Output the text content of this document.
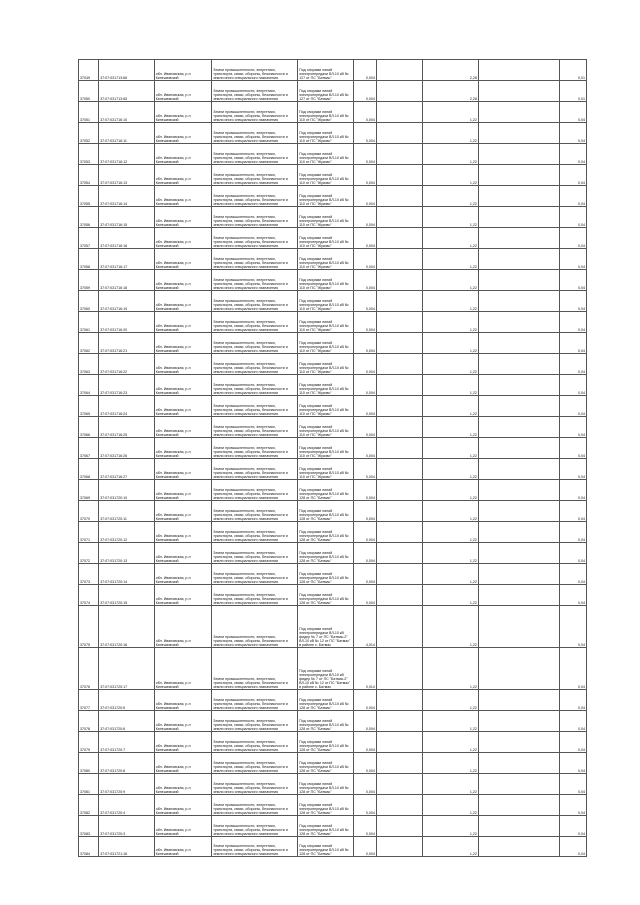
37049	37:07:031713:66	обл. Ивановская, р-н Кинешемский	Земли промышленности, энергетики, транспорта, связи, обороны, безопасности и земли иного специального назначения	Под опорами линий электропередачи ВЛ-10 кВ № 127 от ПС "Батмас"	0,004		2,28		0,01
37050	37:07:031713:65	обл. Ивановская, р-н Кинешемский	Земли промышленности, энергетики, транспорта, связи, обороны, безопасности и земли иного специального назначения	Под опорами линий электропередачи ВЛ-10 кВ № 127 от ПС "Батмас"	0,004		2,28		0,01
37051	37:07:031716:10	обл. Ивановская, р-н Кинешемский	Земли промышленности, энергетики, транспорта, связи, обороны, безопасности и земли иного специального назначения	Под опорами линий электропередачи ВЛ-10 кВ № 110 от ПС "Жуково"	0,004		1,22		0,04
37052	37:07:031716:11	обл. Ивановская, р-н Кинешемский	Земли промышленности, энергетики, транспорта, связи, обороны, безопасности и земли иного специального назначения	Под опорами линий электропередачи ВЛ-10 кВ № 110 от ПС "Жуково"	0,004		1,22		0,04
37053	37:07:031716:12	обл. Ивановская, р-н Кинешемский	Земли промышленности, энергетики, транспорта, связи, обороны, безопасности и земли иного специального назначения	Под опорами линий электропередачи ВЛ-10 кВ № 110 от ПС "Жуково"	0,004		1,22		0,04
37054	37:07:031716:13	обл. Ивановская, р-н Кинешемский	Земли промышленности, энергетики, транспорта, связи, обороны, безопасности и земли иного специального назначения	Под опорами линий электропередачи ВЛ-10 кВ № 110 от ПС "Жуково"	0,004		1,22		0,04
37055	37:07:031716:14	обл. Ивановская, р-н Кинешемский	Земли промышленности, энергетики, транспорта, связи, обороны, безопасности и земли иного специального назначения	Под опорами линий электропередачи ВЛ-10 кВ № 110 от ПС "Жуково"	0,004		1,22		0,04
37056	37:07:031716:15	обл. Ивановская, р-н Кинешемский	Земли промышленности, энергетики, транспорта, связи, обороны, безопасности и земли иного специального назначения	Под опорами линий электропередачи ВЛ-10 кВ № 110 от ПС "Жуково"	0,004		1,22		0,04
37057	37:07:031716:16	обл. Ивановская, р-н Кинешемский	Земли промышленности, энергетики, транспорта, связи, обороны, безопасности и земли иного специального назначения	Под опорами линий электропередачи ВЛ-10 кВ № 110 от ПС "Жуково"	0,004		1,22		0,04
37058	37:07:031716:17	обл. Ивановская, р-н Кинешемский	Земли промышленности, энергетики, транспорта, связи, обороны, безопасности и земли иного специального назначения	Под опорами линий электропередачи ВЛ-10 кВ № 110 от ПС "Жуково"	0,004		1,22		0,04
37059	37:07:031716:18	обл. Ивановская, р-н Кинешемский	Земли промышленности, энергетики, транспорта, связи, обороны, безопасности и земли иного специального назначения	Под опорами линий электропередачи ВЛ-10 кВ № 110 от ПС "Жуково"	0,004		1,22		0,04
37060	37:07:031716:19	обл. Ивановская, р-н Кинешемский	Земли промышленности, энергетики, транспорта, связи, обороны, безопасности и земли иного специального назначения	Под опорами линий электропередачи ВЛ-10 кВ № 110 от ПС "Жуково"	0,004		1,22		0,04
37061	37:07:031716:20	обл. Ивановская, р-н Кинешемский	Земли промышленности, энергетики, транспорта, связи, обороны, безопасности и земли иного специального назначения	Под опорами линий электропередачи ВЛ-10 кВ № 110 от ПС "Жуково"	0,004		1,22		0,04
37062	37:07:031716:21	обл. Ивановская, р-н Кинешемский	Земли промышленности, энергетики, транспорта, связи, обороны, безопасности и земли иного специального назначения	Под опорами линий электропередачи ВЛ-10 кВ № 110 от ПС "Жуково"	0,004		1,22		0,04
37063	37:07:031716:22	обл. Ивановская, р-н Кинешемский	Земли промышленности, энергетики, транспорта, связи, обороны, безопасности и земли иного специального назначения	Под опорами линий электропередачи ВЛ-10 кВ № 110 от ПС "Жуково"	0,004		1,22		0,04
37064	37:07:031716:23	обл. Ивановская, р-н Кинешемский	Земли промышленности, энергетики, транспорта, связи, обороны, безопасности и земли иного специального назначения	Под опорами линий электропередачи ВЛ-10 кВ № 110 от ПС "Жуково"	0,004		1,22		0,04
37065	37:07:031716:24	обл. Ивановская, р-н Кинешемский	Земли промышленности, энергетики, транспорта, связи, обороны, безопасности и земли иного специального назначения	Под опорами линий электропередачи ВЛ-10 кВ № 110 от ПС "Жуково"	0,004		1,22		0,04
37066	37:07:031716:25	обл. Ивановская, р-н Кинешемский	Земли промышленности, энергетики, транспорта, связи, обороны, безопасности и земли иного специального назначения	Под опорами линий электропередачи ВЛ-10 кВ № 110 от ПС "Жуково"	0,004		1,22		0,04
37067	37:07:031716:26	обл. Ивановская, р-н Кинешемский	Земли промышленности, энергетики, транспорта, связи, обороны, безопасности и земли иного специального назначения	Под опорами линий электропередачи ВЛ-10 кВ № 110 от ПС "Жуково"	0,004		1,22		0,04
37068	37:07:031716:27	обл. Ивановская, р-н Кинешемский	Земли промышленности, энергетики, транспорта, связи, обороны, безопасности и земли иного специального назначения	Под опорами линий электропередачи ВЛ-10 кВ № 110 от ПС "Жуково"	0,004		1,22		0,04
37069	37:07:031720:10	обл. Ивановская, р-н Кинешемский	Земли промышленности, энергетики, транспорта, связи, обороны, безопасности и земли иного специального назначения	Под опорами линий электропередачи ВЛ-10 кВ № 128 от ПС "Батмас"	0,004		1,22		0,04
37070	37:07:031720:11	обл. Ивановская, р-н Кинешемский	Земли промышленности, энергетики, транспорта, связи, обороны, безопасности и земли иного специального назначения	Под опорами линий электропередачи ВЛ-10 кВ № 128 от ПС "Батмас"	0,004		1,22		0,04
37071	37:07:031720:12	обл. Ивановская, р-н Кинешемский	Земли промышленности, энергетики, транспорта, связи, обороны, безопасности и земли иного специального назначения	Под опорами линий электропередачи ВЛ-10 кВ № 128 от ПС "Батмас"	0,004		1,22		0,04
37072	37:07:031720:13	обл. Ивановская, р-н Кинешемский	Земли промышленности, энергетики, транспорта, связи, обороны, безопасности и земли иного специального назначения	Под опорами линий электропередачи ВЛ-10 кВ № 128 от ПС "Батмас"	0,004		1,22		0,04
37073	37:07:031720:14	обл. Ивановская, р-н Кинешемский	Земли промышленности, энергетики, транспорта, связи, обороны, безопасности и земли иного специального назначения	Под опорами линий электропередачи ВЛ-10 кВ № 128 от ПС "Батмас"	0,004		1,22		0,04
37074	37:07:031720:15	обл. Ивановская, р-н Кинешемский	Земли промышленности, энергетики, транспорта, связи, обороны, безопасности и земли иного специального назначения	Под опорами линий электропередачи ВЛ-10 кВ № 128 от ПС "Батмас"	0,004		1,22		0,04
37075	37:07:031720:16	обл. Ивановская, р-н Кинешемский	Земли промышленности, энергетики, транспорта, связи, обороны, безопасности и земли иного специального назначения	Под опорами линий электропередачи ВЛ-10 кВ фидер № 7 от ПС "Батмас-2" ВЛ-10 кВ № 12 от ПС "Батмас" в районе с. Батмас	4,014		1,22		0,04
37076	37:07:031720:17	обл. Ивановская, р-н Кинешемский	Земли промышленности, энергетики, транспорта, связи, обороны, безопасности и земли иного специального назначения	Под опорами линий электропередачи ВЛ-10 кВ фидер № 7 от ПС "Батмас-2" ВЛ-10 кВ № 12 от ПС "Батмас" в районе с. Батмас	0,014		1,22		0,04
37077	37:07:031720:5	обл. Ивановская, р-н Кинешемский	Земли промышленности, энергетики, транспорта, связи, обороны, безопасности и земли иного специального назначения	Под опорами линий электропередачи ВЛ-10 кВ № 128 от ПС "Батмас"	0,004		1,22		0,04
37078	37:07:031720:6	обл. Ивановская, р-н Кинешемский	Земли промышленности, энергетики, транспорта, связи, обороны, безопасности и земли иного специального назначения	Под опорами линий электропередачи ВЛ-10 кВ № 128 от ПС "Батмас"	0,004		1,22		0,04
37079	37:07:031720:7	обл. Ивановская, р-н Кинешемский	Земли промышленности, энергетики, транспорта, связи, обороны, безопасности и земли иного специального назначения	Под опорами линий электропередачи ВЛ-10 кВ № 128 от ПС "Батмас"	0,004		1,22		0,04
37080	37:07:031720:8	обл. Ивановская, р-н Кинешемский	Земли промышленности, энергетики, транспорта, связи, обороны, безопасности и земли иного специального назначения	Под опорами линий электропередачи ВЛ-10 кВ № 128 от ПС "Батмас"	0,004		1,22		0,04
37081	37:07:031720:9	обл. Ивановская, р-н Кинешемский	Земли промышленности, энергетики, транспорта, связи, обороны, безопасности и земли иного специального назначения	Под опорами линий электропередачи ВЛ-10 кВ № 128 от ПС "Батмас"	0,004		1,22		0,04
37082	37:07:031720:4	обл. Ивановская, р-н Кинешемский	Земли промышленности, энергетики, транспорта, связи, обороны, безопасности и земли иного специального назначения	Под опорами линий электропередачи ВЛ-10 кВ № 128 от ПС "Батмас"	0,004		1,22		0,04
37083	37:07:031720:3	обл. Ивановская, р-н Кинешемский	Земли промышленности, энергетики, транспорта, связи, обороны, безопасности и земли иного специального назначения	Под опорами линий электропередачи ВЛ-10 кВ № 128 от ПС "Батмас"	0,004		1,22		0,04
37084	37:07:031721:16	обл. Ивановская, р-н Кинешемский	Земли промышленности, энергетики, транспорта, связи, обороны, безопасности и земли иного специального назначения	Под опорами линий электропередачи ВЛ-10 кВ № 128 от ПС "Батмас"	0,004		1,22		0,04
